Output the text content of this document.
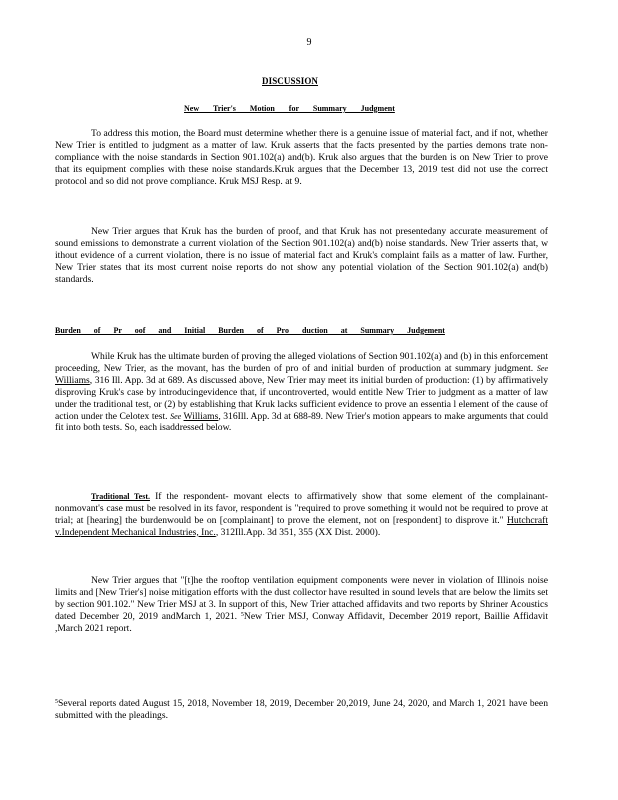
9
DISCUSSION
New Trier's Motion for Summary Judgment

To address this motion, the Board must determine whether there is a genuine issue of material fact, and if not, whether New Trier is entitled to judgment as a matter of law. Kruk asserts that the facts presented by the parties demons trate non-compliance with the noise standards in Section 901.102(a) and(b). Kruk also argues that the burden is on New Trier to prove that its equipment complies with these noise standards.Kruk argues that the December 13, 2019 test did not use the correct protocol and so did not prove compliance. Kruk MSJ Resp. at 9.

New Trier argues that Kruk has the burden of proof, and that Kruk has not presentedany accurate measurement of sound emissions to demonstrate a current violation of the Section 901.102(a) and(b) noise standards. New Trier asserts that, w ithout evidence of a current violation, there is no issue of material fact and Kruk's complaint fails as a matter of law. Further, New Trier states that its most current noise reports do not show any potential violation of the Section 901.102(a) and(b) standards.

Burden of Pr oof and Initial Burden of Pro duction at Summary Judgement

While Kruk has the ultimate burden of proving the alleged violations of Section 901.102(a) and (b) in this enforcement proceeding, New Trier, as the movant, has the burden of pro of and initial burden of production at summary judgment. See Williams, 316 Ill. App. 3d at 689. As discussed above, New Trier may meet its initial burden of production: (1) by affirmatively disproving Kruk's case by introducingevidence that, if uncontroverted, would entitle New Trier to judgment as a matter of law under the traditional test, or (2) by establishing that Kruk lacks sufficient evidence to prove an essentia l element of the cause of action under the Celotex test. See Williams, 316Ill. App. 3d at 688-89. New Trier's motion appears to make arguments that could fit into both tests. So, each isaddressed below.

Traditional Test. If the respondent- movant elects to affirmatively show that some element of the complainant-nonmovant's case must be resolved in its favor, respondent is "required to prove something it would not be required to prove at trial; at [hearing] the burdenwould be on [complainant] to prove the element, not on [respondent] to disprove it." Hutchcraft v.Independent Mechanical Industries, Inc., 312Ill.App. 3d 351, 355 (XX Dist. 2000).

New Trier argues that "[t]he the rooftop ventilation equipment components were never in violation of Illinois noise limits and [New Trier's] noise mitigation efforts with the dust collector have resulted in sound levels that are below the limits set by section 901.102." New Trier MSJ at 3. In support of this, New Trier attached affidavits and two reports by Shriner Acoustics dated December 20, 2019 andMarch 1, 2021. $^5$New Trier MSJ, Conway Affidavit, December 2019 report, Baillie Affidavit ,March 2021 report.

$^5$Several reports dated August 15, 2018, November 18, 2019, December 20,2019, June 24, 2020, and March 1, 2021 have been submitted with the pleadings.
